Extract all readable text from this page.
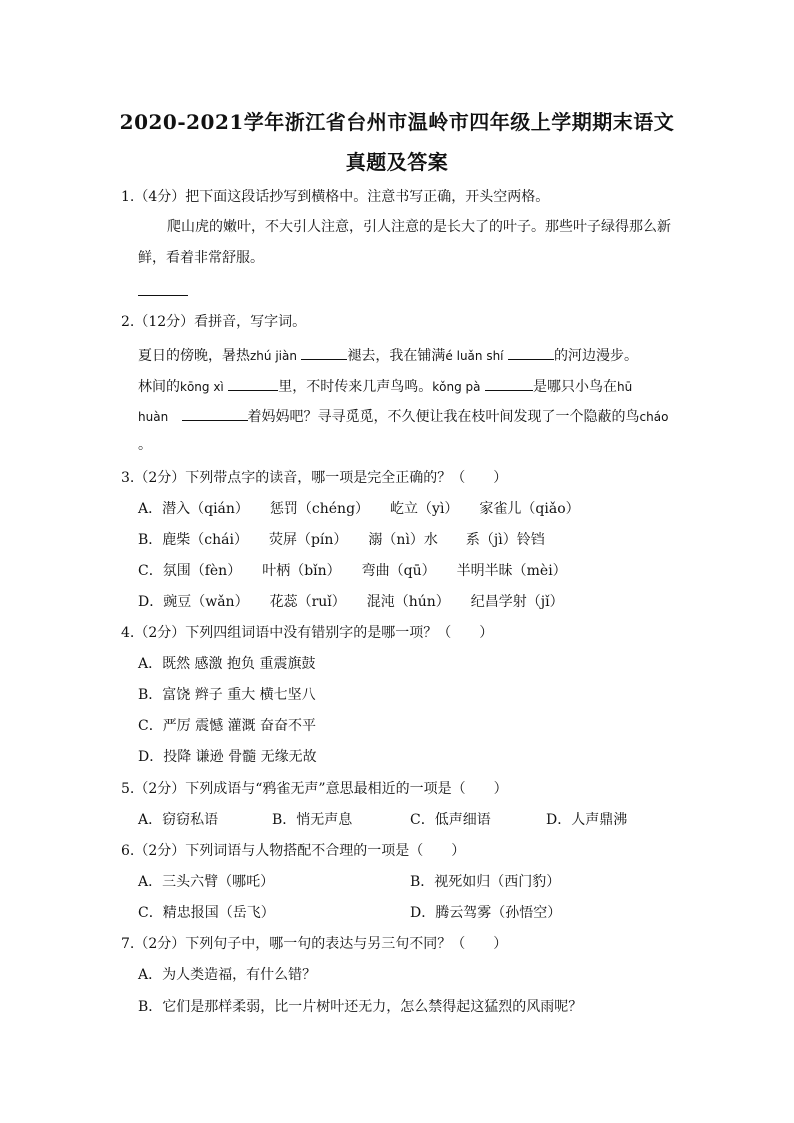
2020-2021学年浙江省台州市温岭市四年级上学期期末语文
真题及答案
1.（4分）把下面这段话抄写到横格中。注意书写正确，开头空两格。
爬山虎的嫩叶，不大引人注意，引人注意的是长大了的叶子。那些叶子绿得那么新
鲜，看着非常舒服。
2.（12分）看拼音，写字词。
夏日的傍晚，暑热zhú jiàn	褪去，我在铺满é luǎn shí	的河边漫步。
林间的kōng xì	里，不时传来几声鸟鸣。kǒng pà	是哪只小鸟在hū
huàn	着妈妈吧？寻寻觅觅，不久便让我在枝叶间发现了一个隐蔽的鸟cháo
。
3.（2分）下列带点字的读音，哪一项是完全正确的？（　　）
A．潜入（qián）　　惩罚（chéng）　　屹立（yì）　　家雀儿（qiǎo）
B．鹿柴（chái）　　荧屏（pín）　　溺（nì）水　　系（jì）铃铛
C．氛围（fèn）　　叶柄（bǐn）　　弯曲（qū）　　半明半昧（mèi）
D．豌豆（wǎn）　　花蕊（ruǐ）　　混沌（hún）　　纪昌学射（jǐ）
4.（2分）下列四组词语中没有错别字的是哪一项？（　　）
A．既然 感激 抱负 重震旗鼓
B．富饶 辫子 重大 横七坚八
C．严厉 震憾 灌溉 奋奋不平
D．投降 谦逊 骨髓 无缘无故
5.（2分）下列成语与“鸦雀无声”意思最相近的一项是（　　）
A．窃窃私语	B．悄无声息	C．低声细语	D．人声鼎沸
6.（2分）下列词语与人物搭配不合理的一项是（　　）
A．三头六臂（哪吒）	B．视死如归（西门豹）
C．精忠报国（岳飞）	D．腾云驾雾（孙悟空）
7.（2分）下列句子中，哪一句的表达与另三句不同？（　　）
A．为人类造福，有什么错？
B．它们是那样柔弱，比一片树叶还无力，怎么禁得起这猛烈的风雨呢？
